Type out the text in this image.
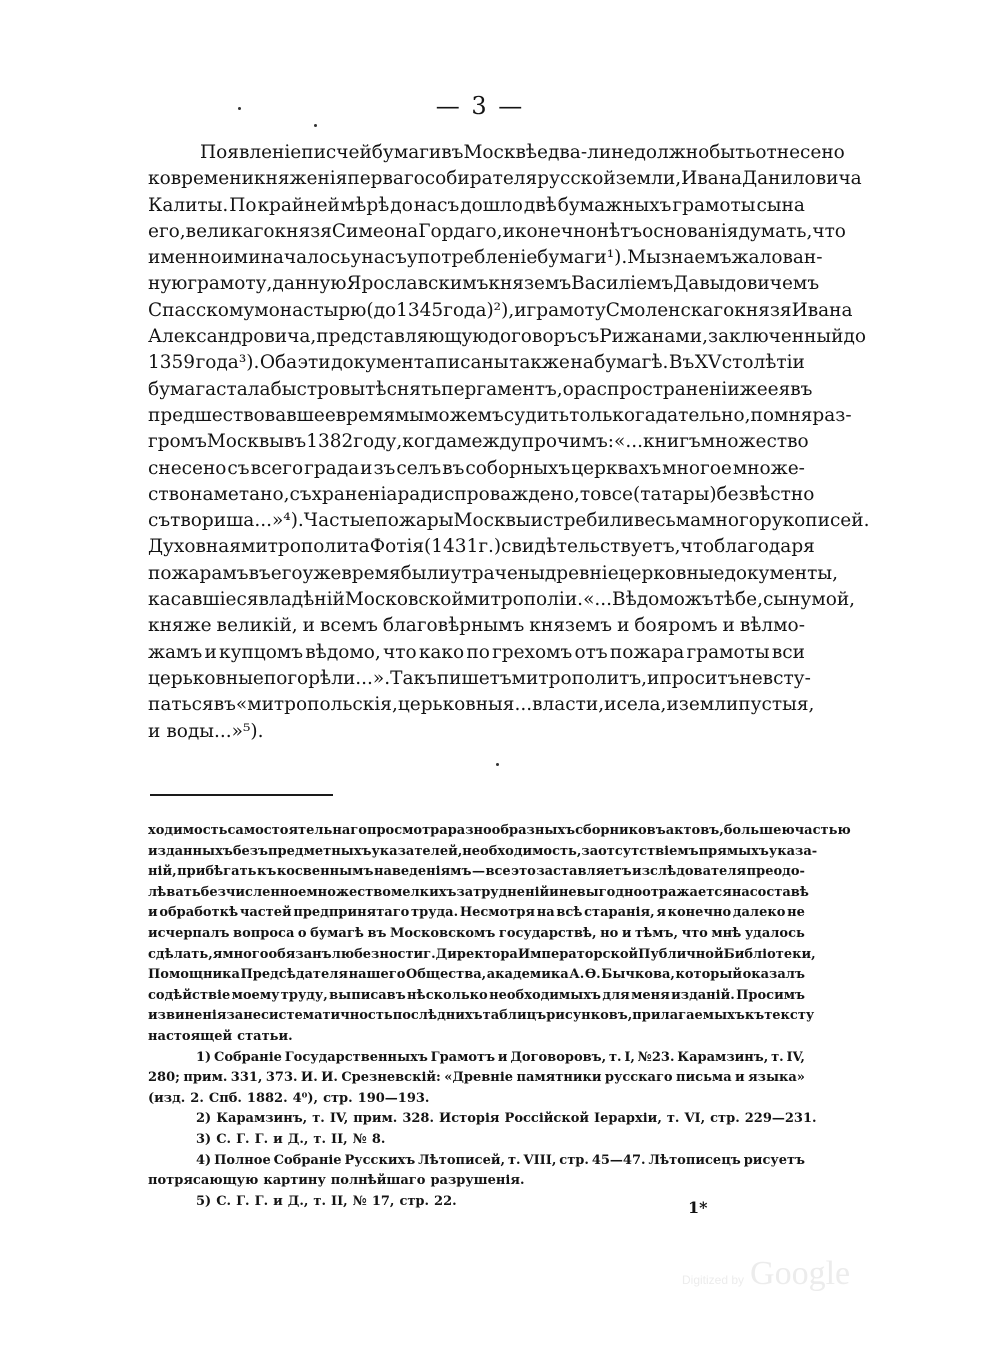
— 3 —
Появленіе писчей бумаги въ Москвѣ едва-ли не должно быть отнесено
ко времени княженія перваго собирателя русской земли, Ивана Даниловича
Калиты. По крайней мѣрѣ до насъ дошло двѣ бумажныхъ грамоты сына
его, великаго князя Симеона Гордаго, и конечно нѣтъ основанія думать, что
именно ими началось у насъ употребленіе бумаги¹). Мы знаемъ жалован-
ную грамоту, данную Ярославскимъ княземъ Василіемъ Давыдовичемъ
Спасскому монастырю (до 1345 года)²), и грамоту Смоленскаго князя Ивана
Александровича, представляющую договоръ съ Рижанами, заключенный до
1359 года³). Оба эти документа писаны также на бумагѣ. Въ XV столѣтіи
бумага стала быстро вытѣснять пергаментъ, о распространеніи же ея въ
предшествовавшее время мы можемъ судить только гадательно, помня раз-
громъ Москвы въ 1382 году, когда между прочимъ: «...книгъ множество
снесено съ всего града и зъ селъ въ соборныхъ церквахъ многое множе-
ство наметано, съхраненіа ради спроваждено, то все (татары) безвѣстно
сътвориша...»⁴). Частые пожары Москвы истребили весьма много рукописей.
Духовная митрополита Фотія (1431 г.) свидѣтельствуетъ, что благодаря
пожарамъ въ его уже время были утрачены древніе церковные документы,
касавшіеся владѣній Московской митрополіи. «...Вѣдомо жъ тѣбе, сыну мой,
княже великій, и всемъ благовѣрнымъ княземъ и бояромъ и вѣлмо-
жамъ и купцомъ вѣдомо, что како по грехомъ отъ пожара грамоты вси
церьковные погорѣли...». Такъ пишетъ митрополитъ, и проситъ не всту-
паться въ «митропольскія, церьковныя ...власти, и села, и земли пустыя,
и воды...»⁵).
ходимость самостоятельнаго просмотра разнообразныхъ сборниковъ актовъ, большею частью
изданныхъ безъ предметныхъ указателей, необходимость, за отсутствіемъ прямыхъ указа-
ній, прибѣгать къ косвеннымъ наведеніямъ — все это заставляетъ изслѣдователя преодо-
лѣвать безчисленное множество мелкихъ затрудненій и невыгодно отражается на составѣ
и обработкѣ частей предпринятаго труда. Несмотря на всѣ старанія, я конечно далеко не
исчерпалъ вопроса о бумагѣ въ Московскомъ государствѣ, но и тѣмъ, что мнѣ удалось
сдѣлать, я много обязанъ любезности г. Директора Императорской Публичной Библіотеки,
Помощника Предсѣдателя нашего Общества, академика А. Ѳ. Бычкова, который оказалъ
содѣйствіе моему труду, выписавъ нѣсколько необходимыхъ для меня изданій. Просимъ
извиненія за несистематичность послѣднихъ таблицъ рисунковъ, прилагаемыхъ къ тексту
настоящей статьи.
1) Собраніе Государственныхъ Грамотъ и Договоровъ, т. I, №23. Карамзинъ, т. IV,
280; прим. 331, 373. И. И. Срезневскій: «Древніе памятники русскаго письма и языка»
(изд. 2. Спб. 1882. 4⁰), стр. 190—193.
2) Карамзинъ, т. IV, прим. 328. Исторія Россійской Іерархіи, т. VI, стр. 229—231.
3) С. Г. Г. и Д., т. II, № 8.
4) Полное Собраніе Русскихъ Лѣтописей, т. VIII, стр. 45—47. Лѣтописецъ рисуетъ
потрясающую картину полнѣйшаго разрушенія.
5) С. Г. Г. и Д., т. II, № 17, стр. 22.	1*
Digitized by Google
